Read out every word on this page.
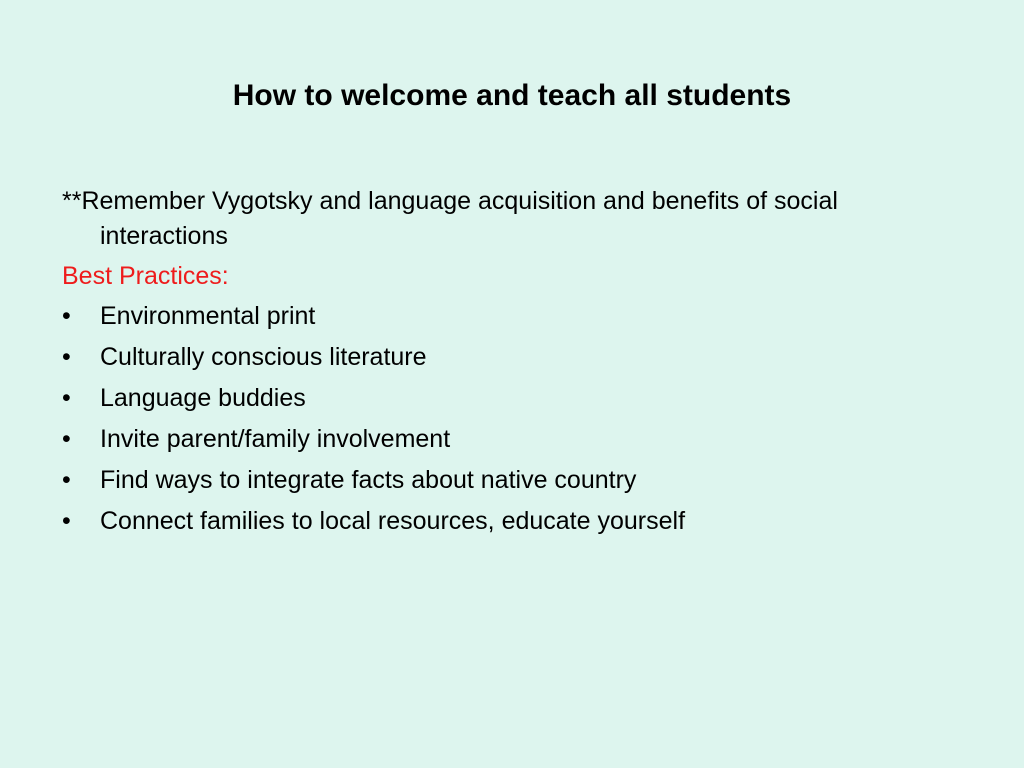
How to welcome and teach all students
**Remember Vygotsky and language acquisition and benefits of social interactions
Best Practices:
•	Environmental print
•	Culturally conscious literature
•	Language buddies
•	Invite parent/family involvement
•	Find ways to integrate facts about native country
•	Connect families to local resources, educate yourself
